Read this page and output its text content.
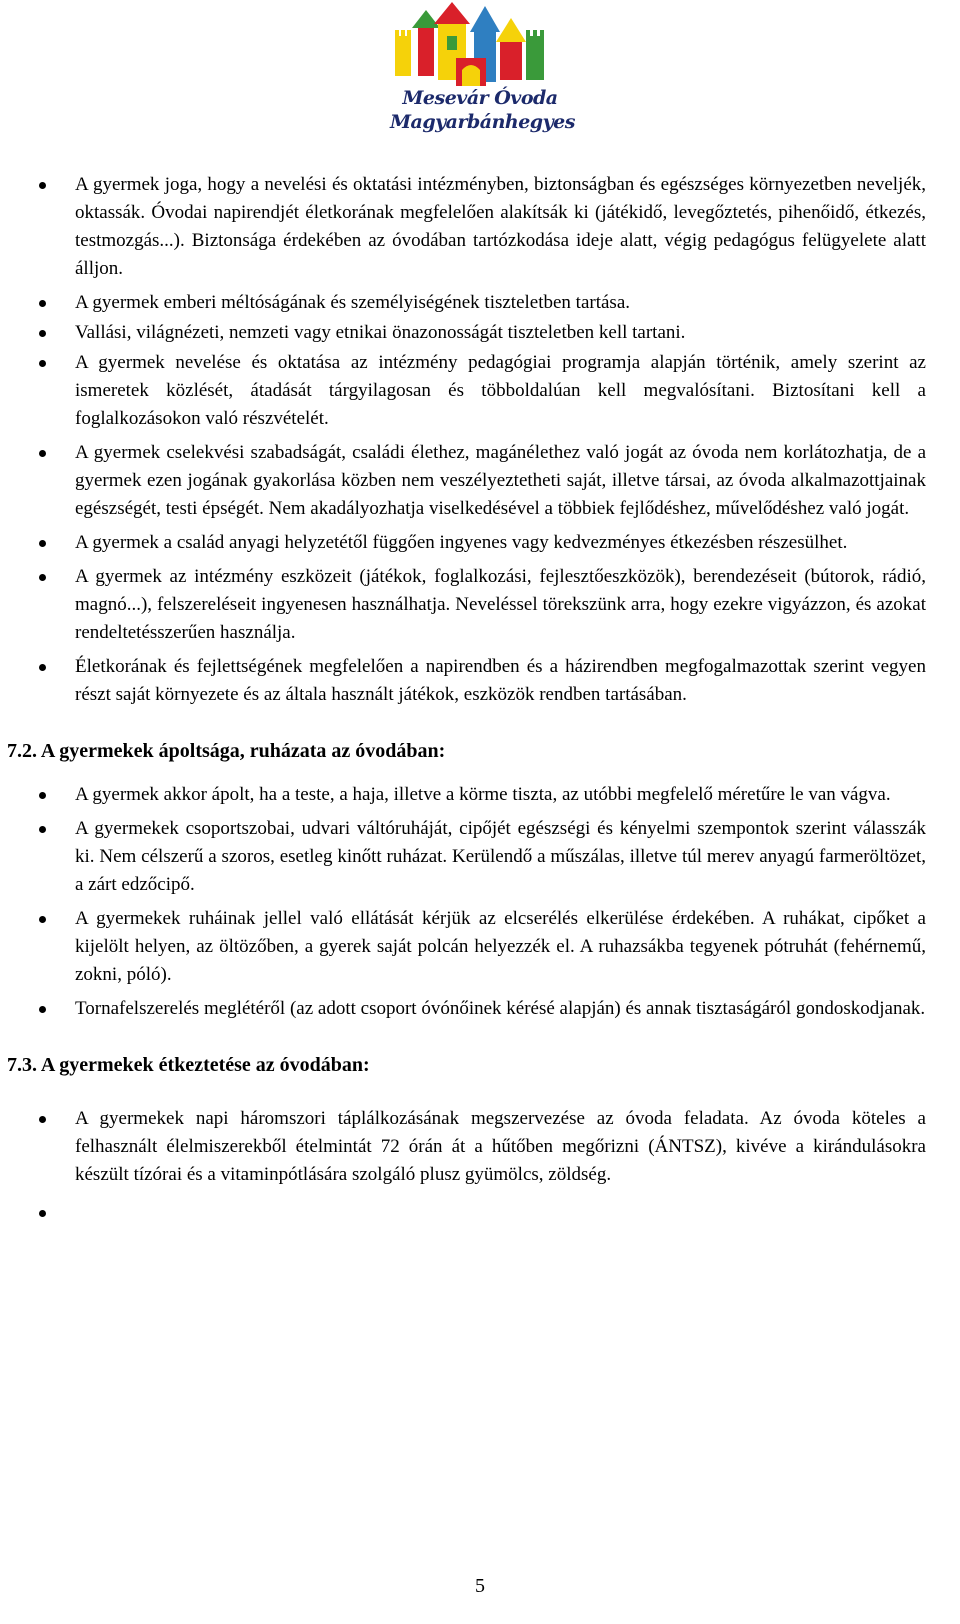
Mesevár Óvoda
Magyarbánhegyes
A gyermek joga, hogy a nevelési és oktatási intézményben, biztonságban és egészséges környezetben neveljék, oktassák. Óvodai napirendjét életkorának megfelelően alakítsák ki (játékidő, levegőztetés, pihenőidő, étkezés, testmozgás...). Biztonsága érdekében az óvodában tartózkodása ideje alatt, végig pedagógus felügyelete alatt álljon.
A gyermek emberi méltóságának és személyiségének tiszteletben tartása.
Vallási, világnézeti, nemzeti vagy etnikai önazonosságát tiszteletben kell tartani.
A gyermek nevelése és oktatása az intézmény pedagógiai programja alapján történik, amely szerint az ismeretek közlését, átadását tárgyilagosan és többoldalúan kell megvalósítani. Biztosítani kell a foglalkozásokon való részvételét.
A gyermek cselekvési szabadságát, családi élethez, magánélethez való jogát az óvoda nem korlátozhatja, de a gyermek ezen jogának gyakorlása közben nem veszélyeztetheti saját, illetve társai, az óvoda alkalmazottjainak egészségét, testi épségét. Nem akadályozhatja viselkedésével a többiek fejlődéshez, művelődéshez való jogát.
A gyermek a család anyagi helyzetétől függően ingyenes vagy kedvezményes étkezésben részesülhet.
A gyermek az intézmény eszközeit (játékok, foglalkozási, fejlesztőeszközök), berendezéseit (bútorok, rádió, magnó...), felszereléseit ingyenesen használhatja. Neveléssel törekszünk arra, hogy ezekre vigyázzon, és azokat rendeltetésszerűen használja.
Életkorának és fejlettségének megfelelően a napirendben és a házirendben megfogalmazottak szerint vegyen részt saját környezete és az általa használt játékok, eszközök rendben tartásában.
7.2. A gyermekek ápoltsága, ruházata az óvodában:
A gyermek akkor ápolt, ha a teste, a haja, illetve a körme tiszta, az utóbbi megfelelő méretűre le van vágva.
A gyermekek csoportszobai, udvari váltóruháját, cipőjét egészségi és kényelmi szempontok szerint válasszák ki. Nem célszerű a szoros, esetleg kinőtt ruházat. Kerülendő a műszálas, illetve túl merev anyagú farmeröltözet, a zárt edzőcipő.
A gyermekek ruháinak jellel való ellátását kérjük az elcserélés elkerülése érdekében. A ruhákat, cipőket a kijelölt helyen, az öltözőben, a gyerek saját polcán helyezzék el. A ruhazsákba tegyenek pótruhát (fehérnemű, zokni, póló).
Tornafelszerelés meglétéről (az adott csoport óvónőinek kérésé alapján) és annak tisztaságáról gondoskodjanak.
7.3. A gyermekek étkeztetése az óvodában:
A gyermekek napi háromszori táplálkozásának megszervezése az óvoda feladata. Az óvoda köteles a felhasznált élelmiszerekből ételmintát 72 órán át a hűtőben megőrizni (ÁNTSZ), kivéve a kirándulásokra készült tízórai és a vitaminpótlására szolgáló plusz gyümölcs, zöldség.
5
